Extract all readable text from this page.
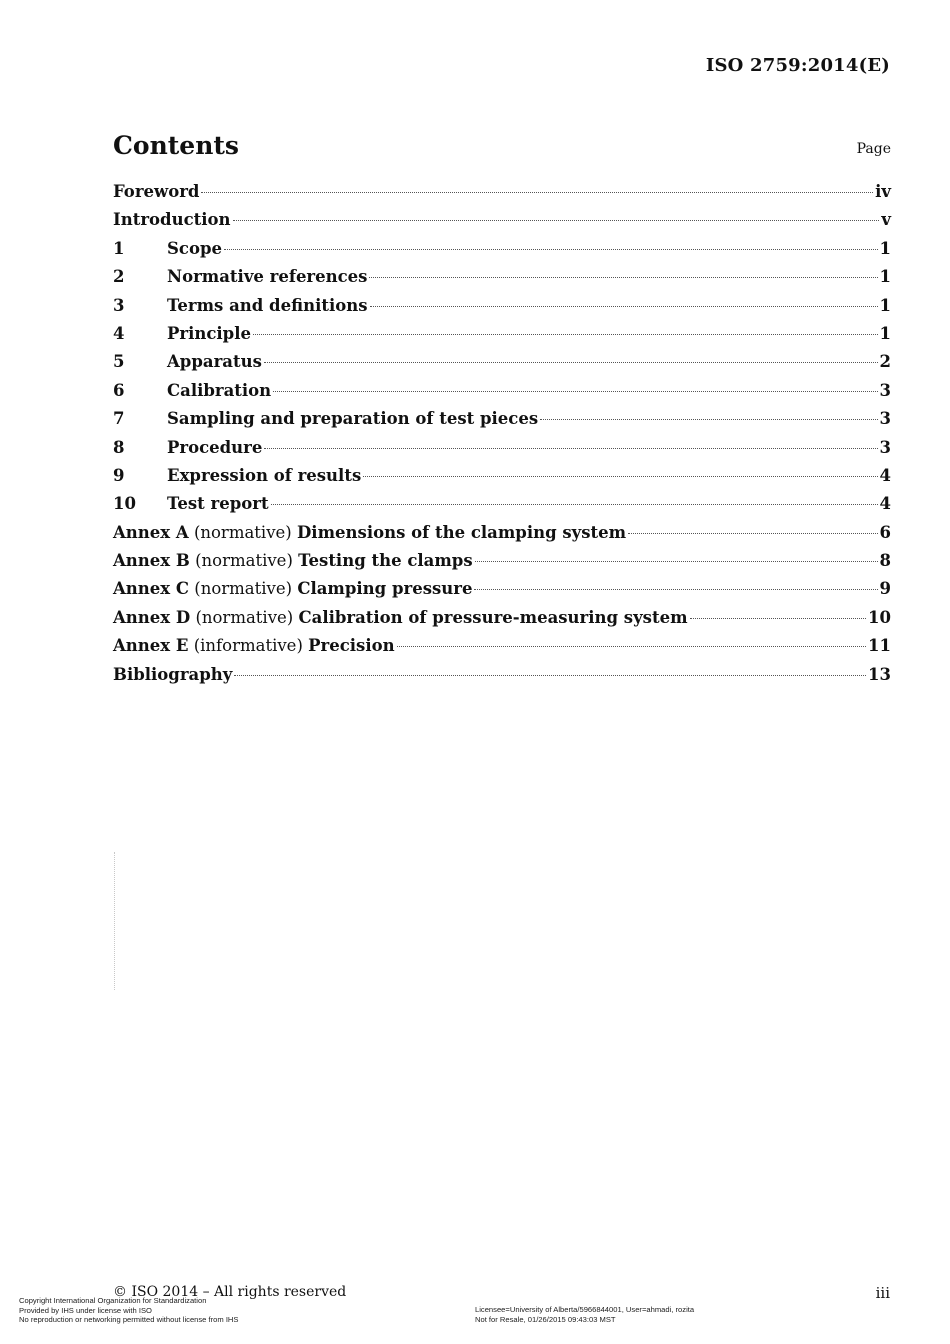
ISO 2759:2014(E)
Contents	Page
Foreword	iv
Introduction	v
1	Scope	1
2	Normative references	1
3	Terms and definitions	1
4	Principle	1
5	Apparatus	2
6	Calibration	3
7	Sampling and preparation of test pieces	3
8	Procedure	3
9	Expression of results	4
10	Test report	4
Annex A (normative) Dimensions of the clamping system	6
Annex B (normative) Testing the clamps	8
Annex C (normative) Clamping pressure	9
Annex D (normative) Calibration of pressure-measuring system	10
Annex E (informative) Precision	11
Bibliography	13
© ISO 2014 – All rights reserved	iii
Copyright International Organization for Standardization
Provided by IHS under license with ISO
No reproduction or networking permitted without license from IHS
Licensee=University of Alberta/5966844001, User=ahmadi, rozita
Not for Resale, 01/26/2015 09:43:03 MST
